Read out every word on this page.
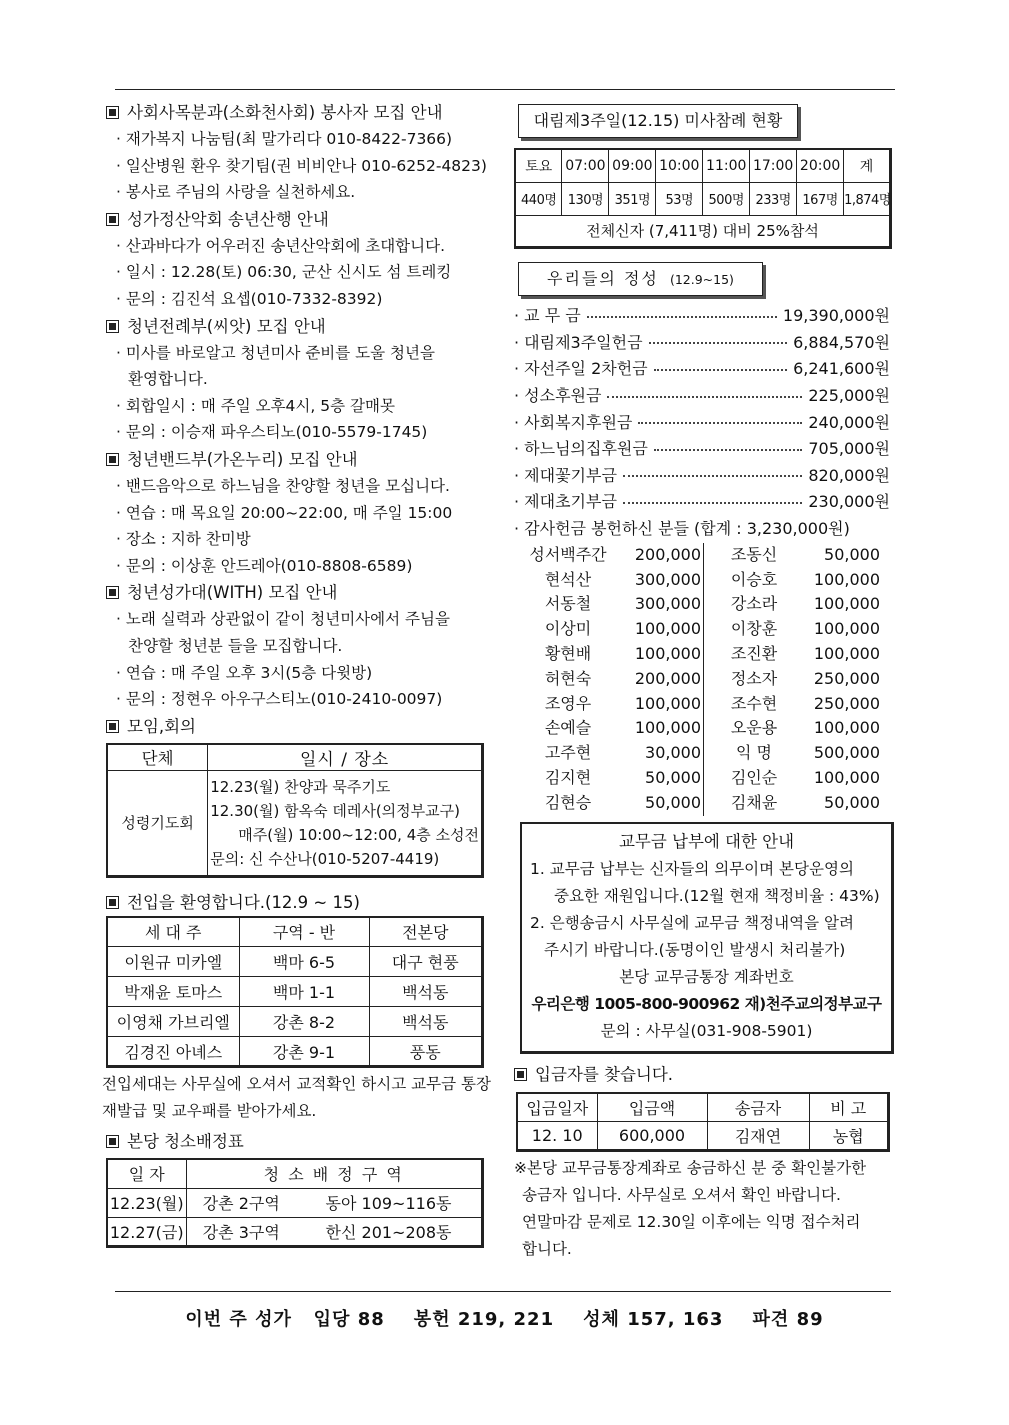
사회사목분과(소화천사회) 봉사자 모집 안내
· 재가복지 나눔팀(최 말가리다 010-8422-7366)
· 일산병원 환우 찾기팀(권 비비안나 010-6252-4823)
· 봉사로 주님의 사랑을 실천하세요.
성가정산악회 송년산행 안내
· 산과바다가 어우러진 송년산악회에 초대합니다.
· 일시 : 12.28(토) 06:30, 군산 신시도 섬 트레킹
· 문의 : 김진석 요셉(010-7332-8392)
청년전례부(씨앗) 모집 안내
· 미사를 바로알고 청년미사 준비를 도울 청년을
환영합니다.
· 회합일시 : 매 주일 오후4시, 5층 갈매못
· 문의 : 이승재 파우스티노(010-5579-1745)
청년밴드부(가온누리) 모집 안내
· 밴드음악으로 하느님을 찬양할 청년을 모십니다.
· 연습 : 매 목요일 20:00~22:00, 매 주일 15:00
· 장소 : 지하 찬미방
· 문의 : 이상훈 안드레아(010-8808-6589)
청년성가대(WITH) 모집 안내
· 노래 실력과 상관없이 같이 청년미사에서 주님을
찬양할 청년분 들을 모집합니다.
· 연습 : 매 주일 오후 3시(5층 다윗방)
· 문의 : 정현우 아우구스티노(010-2410-0097)
모임,회의
단체	일시 / 장소
성령기도회	12.23(월) 찬양과 묵주기도
12.30(월) 함옥숙 데레사(의정부교구)
매주(월) 10:00~12:00, 4층 소성전
문의: 신 수산나(010-5207-4419)
전입을 환영합니다.(12.9 ~ 15)
세 대 주	구역 - 반	전본당
이원규 미카엘	백마 6-5	대구 현풍
박재윤 토마스	백마 1-1	백석동
이영채 가브리엘	강촌 8-2	백석동
김경진 아녜스	강촌 9-1	풍동
전입세대는 사무실에 오셔서 교적확인 하시고 교무금 통장
재발급 및 교우패를 받아가세요.
본당 청소배정표
일 자	청 소 배 정 구 역	
12.23(월)	강촌 2구역	동아 109~116동
12.27(금)	강촌 3구역	한신 201~208동
대림제3주일(12.15) 미사참례 현황
토요	07:00	09:00	10:00	11:00	17:00	20:00	계
440명	130명	351명	53명	500명	233명	167명	1,874명
전체신자 (7,411명) 대비 25%참석							
우리들의 정성 (12.9~15)
· 교 무 금	19,390,000원
· 대림제3주일헌금	6,884,570원
· 자선주일 2차헌금	6,241,600원
· 성소후원금	225,000원
· 사회복지후원금	240,000원
· 하느님의집후원금	705,000원
· 제대꽃기부금	820,000원
· 제대초기부금	230,000원
· 감사헌금 봉헌하신 분들 (합계 : 3,230,000원)
성서백주간	200,000	조동신	50,000
현석산	300,000	이승호	100,000
서동철	300,000	강소라	100,000
이상미	100,000	이창훈	100,000
황현배	100,000	조진환	100,000
허현숙	200,000	정소자	250,000
조영우	100,000	조수현	250,000
손예슬	100,000	오운용	100,000
고주현	30,000	익 명	500,000
김지현	50,000	김인순	100,000
김현승	50,000	김채윤	50,000
교무금 납부에 대한 안내
1. 교무금 납부는 신자들의 의무이며 본당운영의
중요한 재원입니다.(12월 현재 책정비율 : 43%)
2. 은행송금시 사무실에 교무금 책정내역을 알려
주시기 바랍니다.(동명이인 발생시 처리불가)
본당 교무금통장 계좌번호
우리은행 1005-800-900962 재)천주교의정부교구
문의 : 사무실(031-908-5901)
입금자를 찾습니다.
입금일자	입금액	송금자	비 고
12. 10	600,000	김재연	농협
※본당 교무금통장계좌로 송금하신 분 중 확인불가한
송금자 입니다. 사무실로 오셔서 확인 바랍니다.
연말마감 문제로 12.30일 이후에는 익명 접수처리
합니다.
이번 주 성가   입당 88    봉헌 219, 221    성체 157, 163    파견 89
